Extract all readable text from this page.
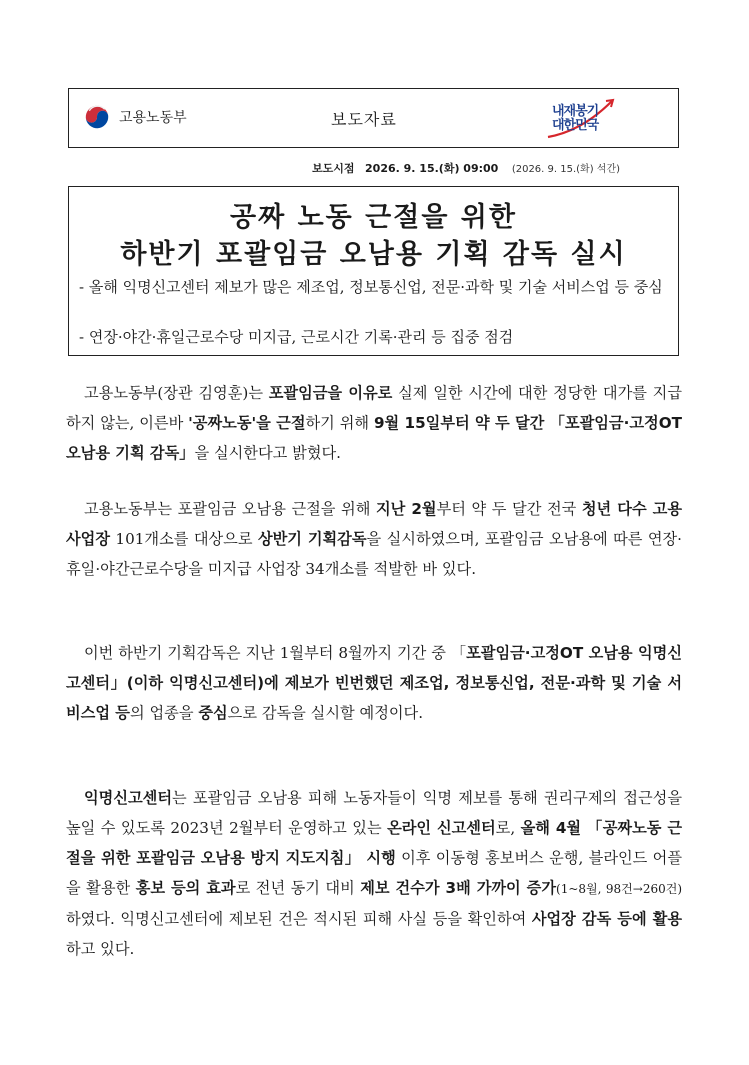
고용노동부	보도자료	내재봉기
대한민국
보도시점 2026. 9. 15.(화) 09:00 (2026. 9. 15.(화) 석간)
공짜 노동 근절을 위한
하반기 포괄임금 오남용 기획 감독 실시
- 올해 익명신고센터 제보가 많은 제조업, 정보통신업, 전문·과학 및 기술 서비스업 등 중심
- 연장·야간·휴일근로수당 미지급, 근로시간 기록·관리 등 집중 점검

고용노동부(장관 김영훈)는 포괄임금을 이유로 실제 일한 시간에 대한 정당한 대가를 지급하지 않는, 이른바 '공짜노동'을 근절하기 위해 9월 15일부터 약 두 달간 「포괄임금·고정OT 오남용 기획 감독」을 실시한다고 밝혔다.

고용노동부는 포괄임금 오남용 근절을 위해 지난 2월부터 약 두 달간 전국 청년 다수 고용 사업장 101개소를 대상으로 상반기 기획감독을 실시하였으며, 포괄임금 오남용에 따른 연장·휴일·야간근로수당을 미지급 사업장 34개소를 적발한 바 있다.

이번 하반기 기획감독은 지난 1월부터 8월까지 기간 중 「포괄임금·고정OT 오남용 익명신고센터」(이하 익명신고센터)에 제보가 빈번했던 제조업, 정보통신업, 전문·과학 및 기술 서비스업 등의 업종을 중심으로 감독을 실시할 예정이다.

익명신고센터는 포괄임금 오남용 피해 노동자들이 익명 제보를 통해 권리구제의 접근성을 높일 수 있도록 2023년 2월부터 운영하고 있는 온라인 신고센터로, 올해 4월 「공짜노동 근절을 위한 포괄임금 오남용 방지 지도지침」 시행 이후 이동형 홍보버스 운행, 블라인드 어플을 활용한 홍보 등의 효과로 전년 동기 대비 제보 건수가 3배 가까이 증가(1~8월, 98건→260건)하였다. 익명신고센터에 제보된 건은 적시된 피해 사실 등을 확인하여 사업장 감독 등에 활용하고 있다.
